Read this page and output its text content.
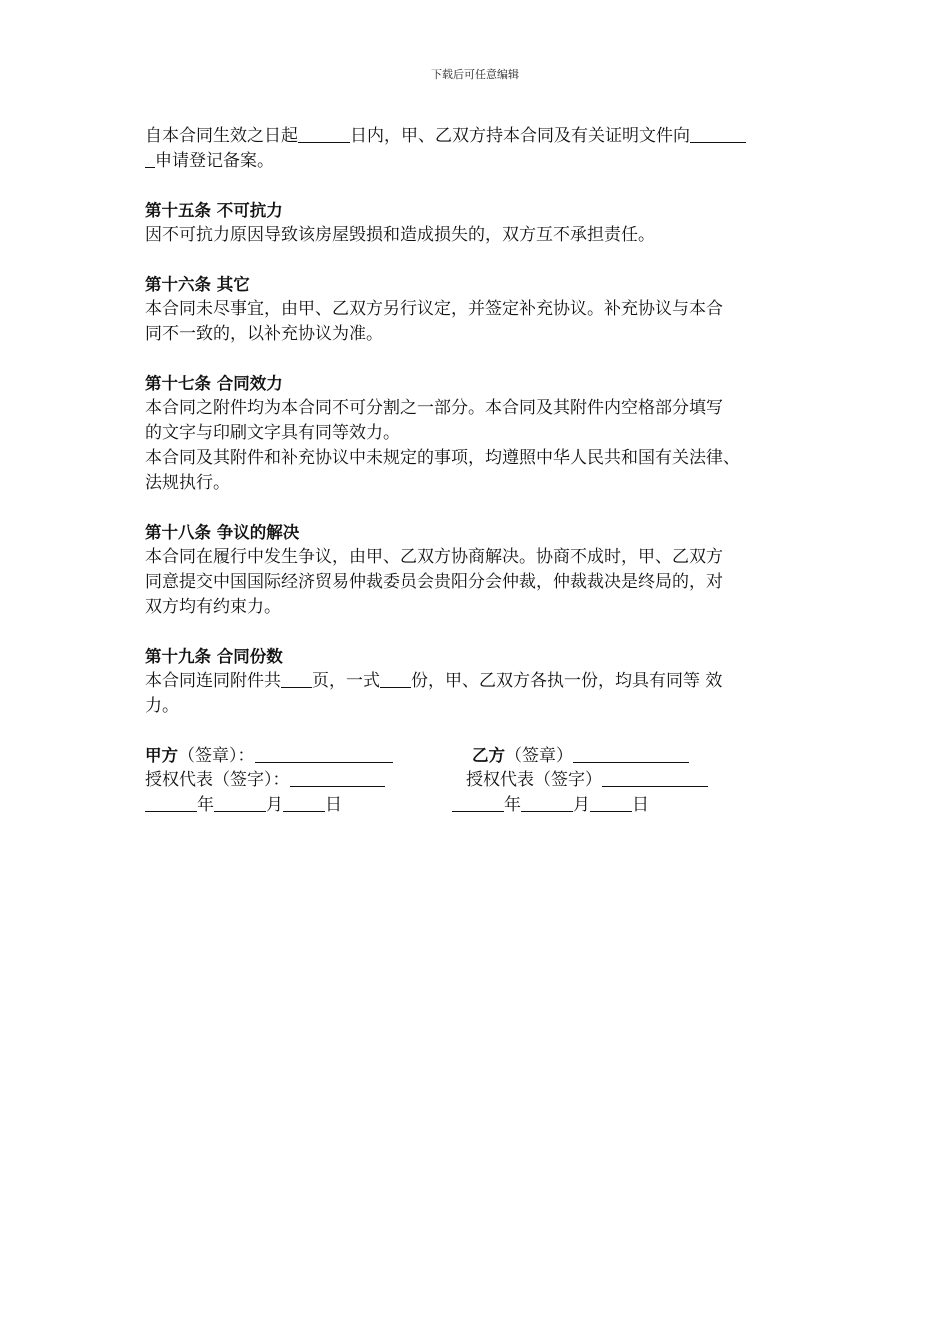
下载后可任意编辑

自本合同生效之日起	日内，甲、乙双方持本合同及有关证明文件向

申请登记备案。

第十五条 不可抗力

因不可抗力原因导致该房屋毁损和造成损失的，双方互不承担责任。

第十六条 其它

本合同未尽事宜，由甲、乙双方另行议定，并签定补充协议。补充协议与本合

同不一致的，以补充协议为准。

第十七条 合同效力

本合同之附件均为本合同不可分割之一部分。本合同及其附件内空格部分填写

的文字与印刷文字具有同等效力。

本合同及其附件和补充协议中未规定的事项，均遵照中华人民共和国有关法律、

法规执行。

第十八条 争议的解决

本合同在履行中发生争议，由甲、乙双方协商解决。协商不成时，甲、乙双方

同意提交中国国际经济贸易仲裁委员会贵阳分会仲裁，仲裁裁决是终局的，对

双方均有约束力。

第十九条 合同份数

本合同连同附件共 页，一式 份，甲、乙双方各执一份，均具有同等 效

力。

甲方（签章）：	乙方（签章）
授权代表（签字）：	授权代表（签字）
年	月 日	年	月 日
